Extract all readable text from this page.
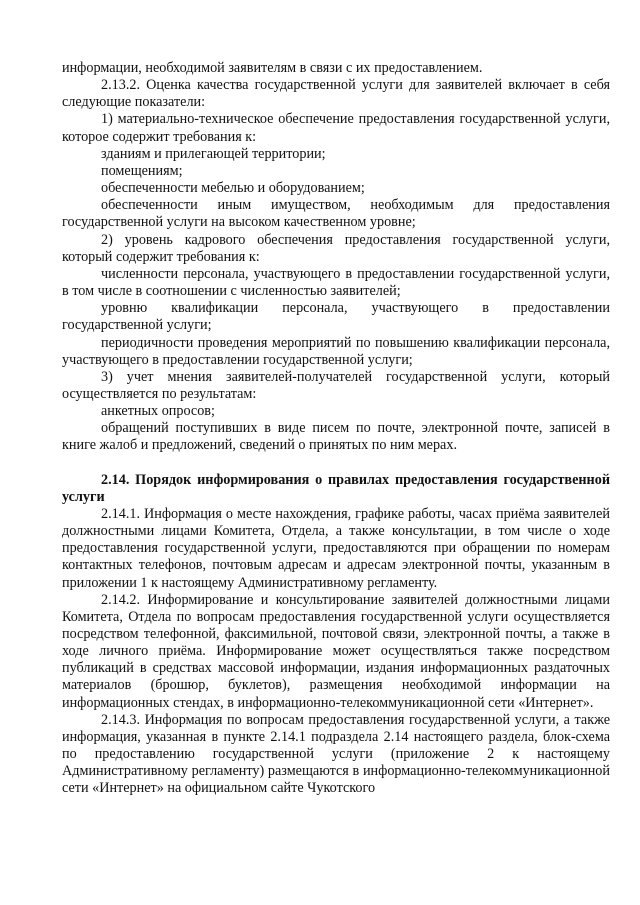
информации, необходимой заявителям в связи с их предоставлением.

2.13.2. Оценка качества государственной услуги для заявителей включает в себя следующие показатели:

1) материально-техническое обеспечение предоставления государственной услуги, которое содержит требования к:

зданиям и прилегающей территории;

помещениям;

обеспеченности мебелью и оборудованием;

обеспеченности иным имуществом, необходимым для предоставления государственной услуги на высоком качественном уровне;

2) уровень кадрового обеспечения предоставления государственной услуги, который содержит требования к:

численности персонала, участвующего в предоставлении государственной услуги, в том числе в соотношении с численностью заявителей;

уровню квалификации персонала, участвующего в предоставлении государственной услуги;

периодичности проведения мероприятий по повышению квалификации персонала, участвующего в предоставлении государственной услуги;

3) учет мнения заявителей-получателей государственной услуги, который осуществляется по результатам:

анкетных опросов;

обращений поступивших в виде писем по почте, электронной почте, записей в книге жалоб и предложений, сведений о принятых по ним мерах.

2.14. Порядок информирования о правилах предоставления государственной услуги

2.14.1. Информация о месте нахождения, графике работы, часах приёма заявителей должностными лицами Комитета, Отдела, а также консультации, в том числе о ходе предоставления государственной услуги, предоставляются при обращении по номерам контактных телефонов, почтовым адресам и адресам электронной почты, указанным в приложении 1 к настоящему Административному регламенту.

2.14.2. Информирование и консультирование заявителей должностными лицами Комитета, Отдела по вопросам предоставления государственной услуги осуществляется посредством телефонной, факсимильной, почтовой связи, электронной почты, а также в ходе личного приёма. Информирование может осуществляться также посредством публикаций в средствах массовой информации, издания информационных раздаточных материалов (брошюр, буклетов), размещения необходимой информации на информационных стендах, в информационно-телекоммуникационной сети «Интернет».

2.14.3. Информация по вопросам предоставления государственной услуги, а также информация, указанная в пункте 2.14.1 подраздела 2.14 настоящего раздела, блок-схема по предоставлению государственной услуги (приложение 2 к настоящему Административному регламенту) размещаются в информационно-телекоммуникационной сети «Интернет» на официальном сайте Чукотского
